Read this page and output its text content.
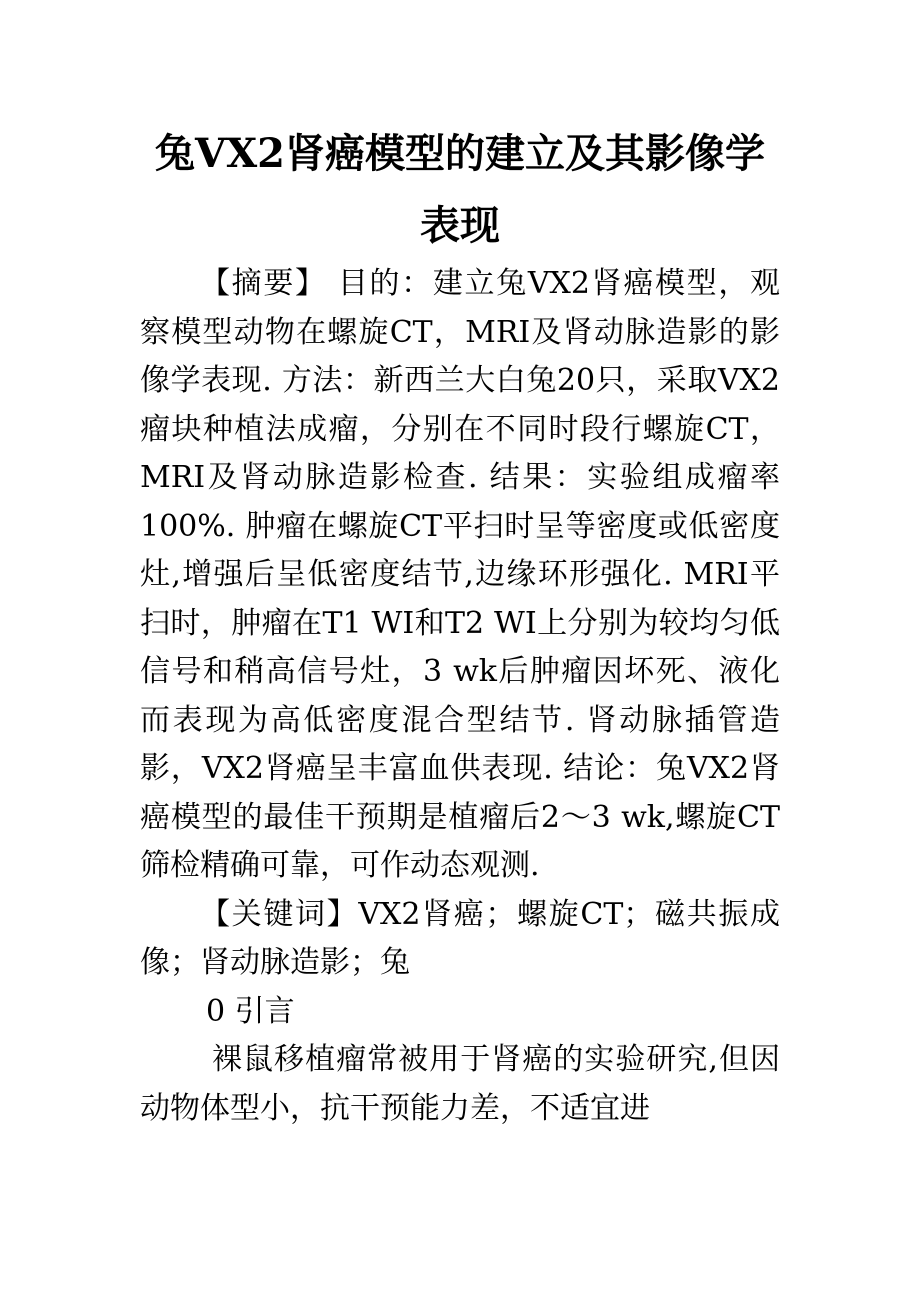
兔VX2肾癌模型的建立及其影像学表现

【摘要】 目的：建立兔VX2肾癌模型，观察模型动物在螺旋CT，MRI及肾动脉造影的影像学表现. 方法：新西兰大白兔20只，采取VX2瘤块种植法成瘤，分别在不同时段行螺旋CT，MRI及肾动脉造影检查. 结果：实验组成瘤率100%. 肿瘤在螺旋CT平扫时呈等密度或低密度灶,增强后呈低密度结节,边缘环形强化. MRI平扫时，肿瘤在T1 WI和T2 WI上分别为较均匀低信号和稍高信号灶，3 wk后肿瘤因坏死、液化而表现为高低密度混合型结节. 肾动脉插管造影，VX2肾癌呈丰富血供表现. 结论：兔VX2肾癌模型的最佳干预期是植瘤后2～3 wk,螺旋CT筛检精确可靠，可作动态观测.

【关键词】VX2肾癌；螺旋CT；磁共振成像；肾动脉造影；兔

0 引言

裸鼠移植瘤常被用于肾癌的实验研究,但因动物体型小，抗干预能力差，不适宜进
